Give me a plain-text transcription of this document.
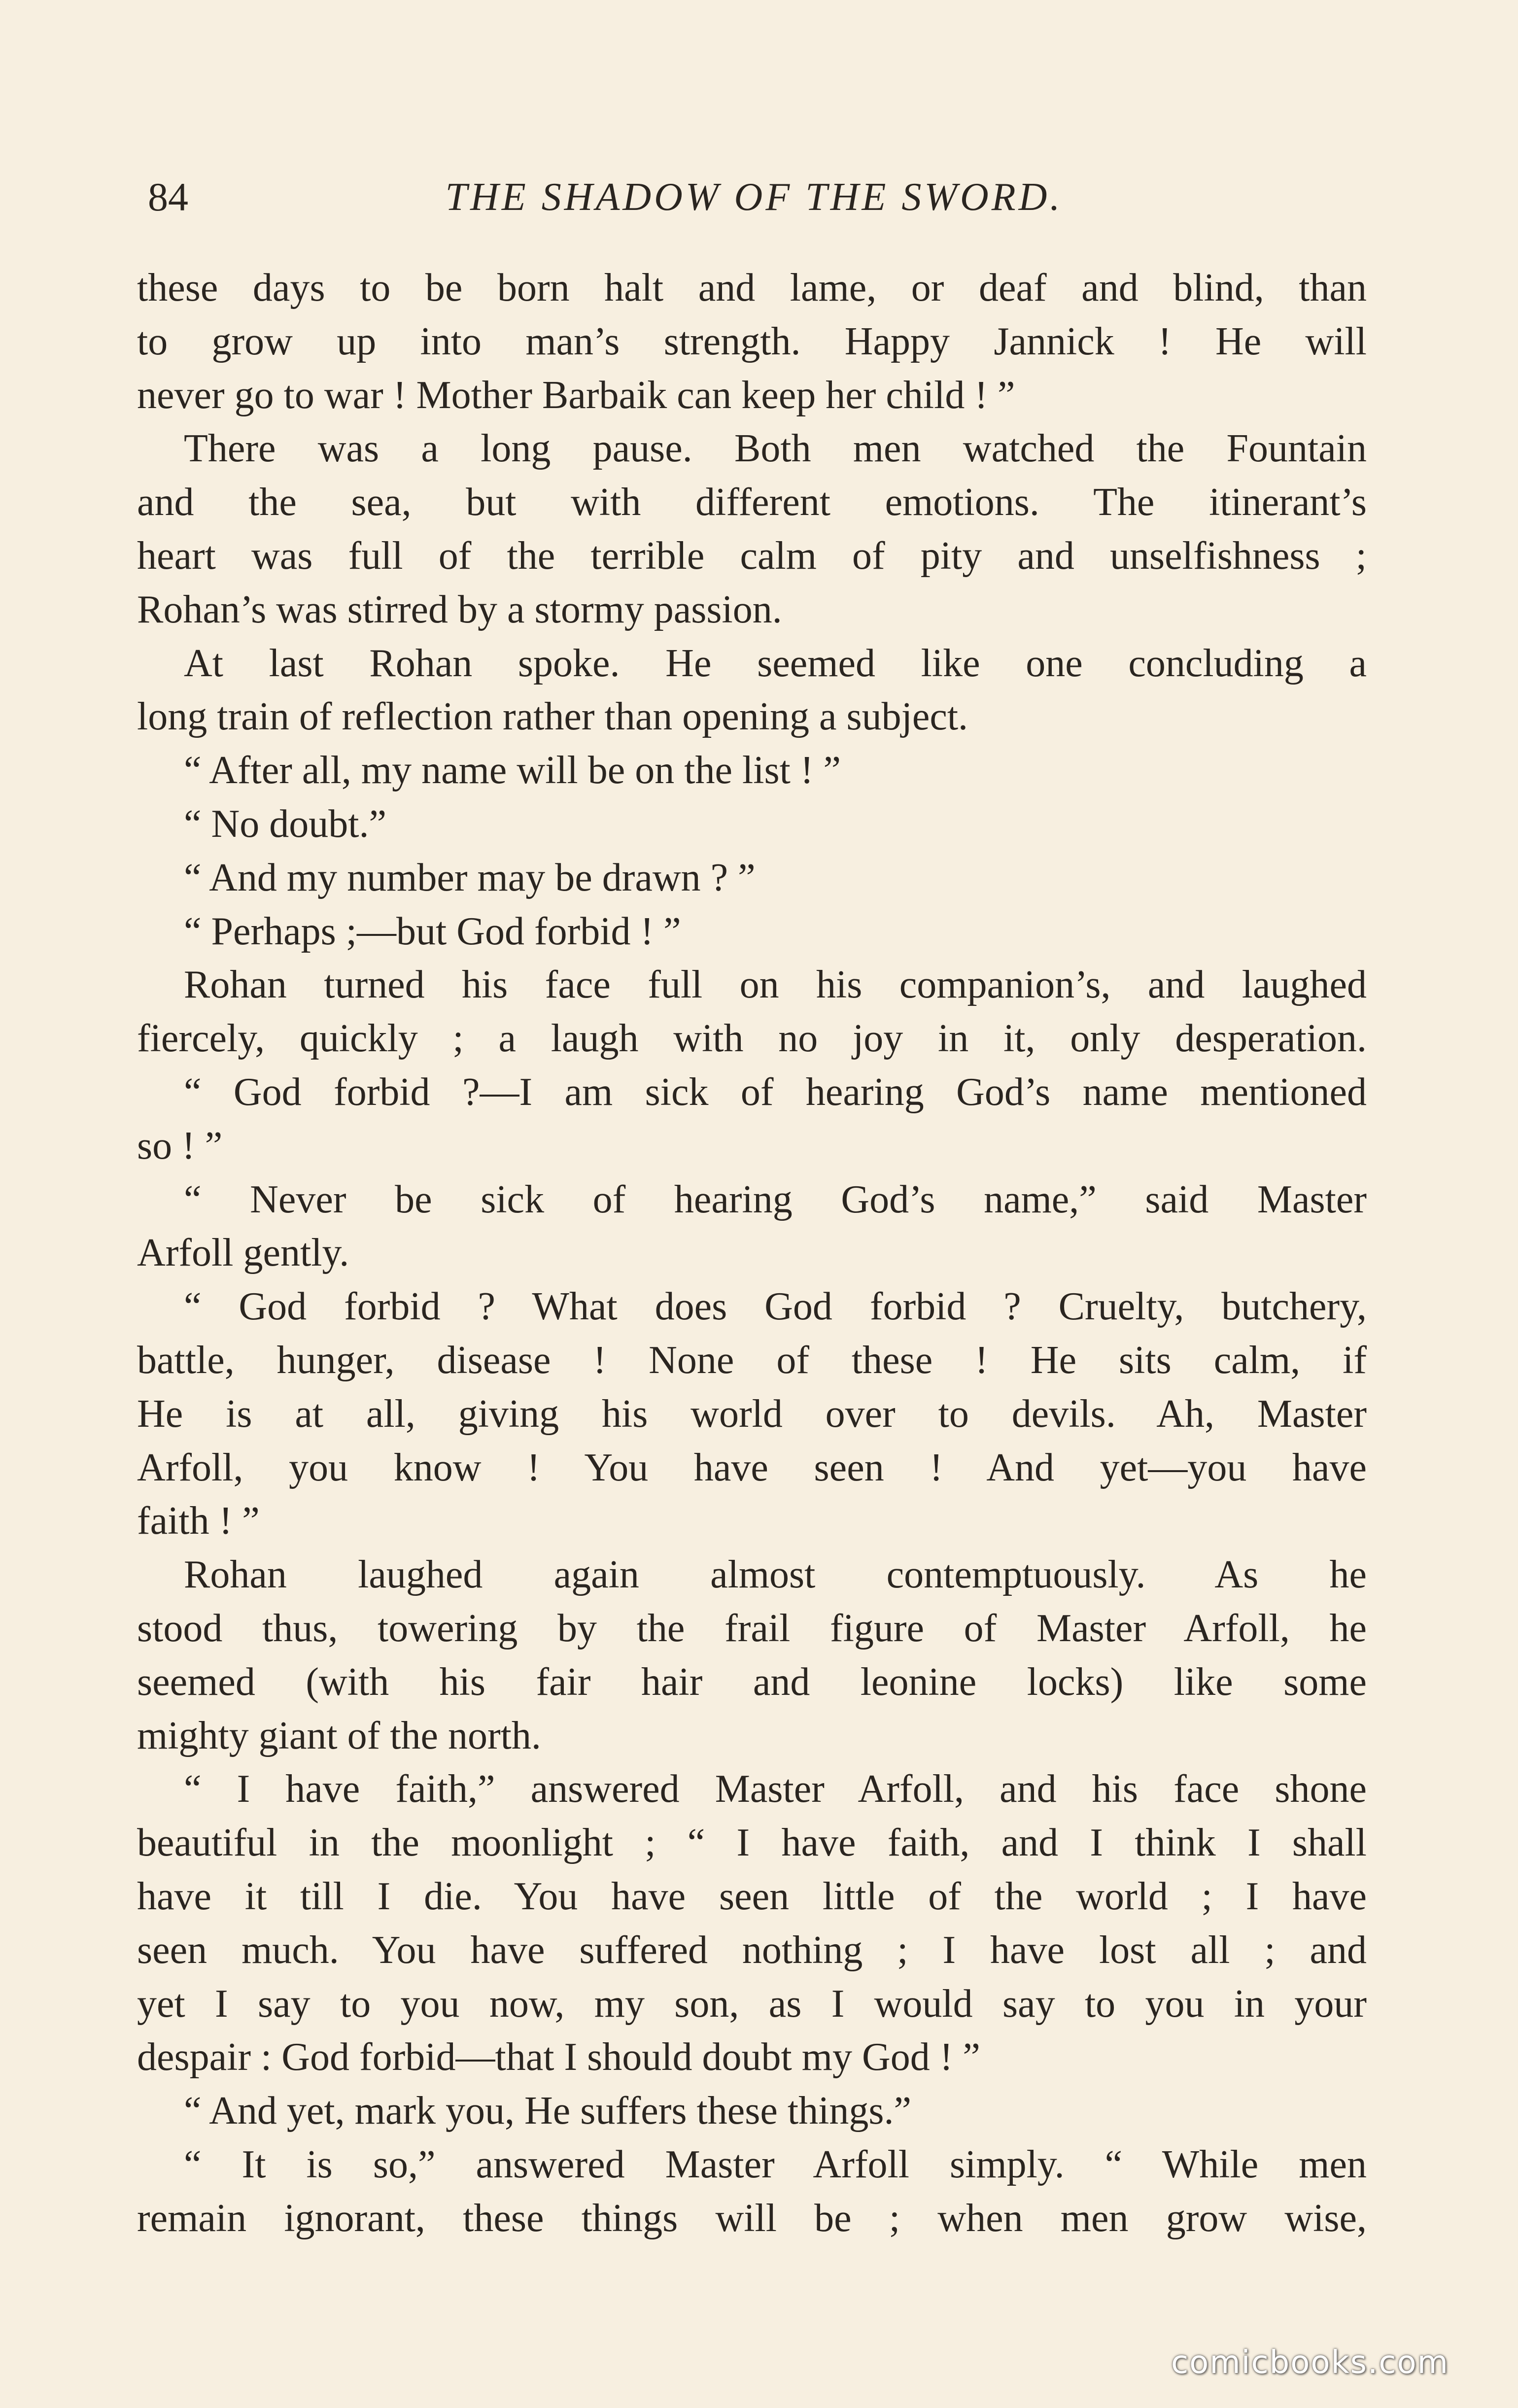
84	THE SHADOW OF THE SWORD.
these days to be born halt and lame, or deaf and blind, than
to grow up into man’s strength. Happy Jannick ! He will
never go to war ! Mother Barbaik can keep her child ! ”
There was a long pause. Both men watched the Fountain
and the sea, but with different emotions. The itinerant’s
heart was full of the terrible calm of pity and unselfishness ;
Rohan’s was stirred by a stormy passion.
At last Rohan spoke. He seemed like one concluding a
long train of reflection rather than opening a subject.
“ After all, my name will be on the list ! ”
“ No doubt.”
“ And my number may be drawn ? ”
“ Perhaps ;—but God forbid ! ”
Rohan turned his face full on his companion’s, and laughed
fiercely, quickly ; a laugh with no joy in it, only desperation.
“ God forbid ?—I am sick of hearing God’s name mentioned
so ! ”
“ Never be sick of hearing God’s name,” said Master
Arfoll gently.
“ God forbid ? What does God forbid ? Cruelty, butchery,
battle, hunger, disease ! None of these ! He sits calm, if
He is at all, giving his world over to devils. Ah, Master
Arfoll, you know ! You have seen ! And yet—you have
faith ! ”
Rohan laughed again almost contemptuously. As he
stood thus, towering by the frail figure of Master Arfoll, he
seemed (with his fair hair and leonine locks) like some
mighty giant of the north.
“ I have faith,” answered Master Arfoll, and his face shone
beautiful in the moonlight ; “ I have faith, and I think I shall
have it till I die. You have seen little of the world ; I have
seen much. You have suffered nothing ; I have lost all ; and
yet I say to you now, my son, as I would say to you in your
despair : God forbid—that I should doubt my God ! ”
“ And yet, mark you, He suffers these things.”
“ It is so,” answered Master Arfoll simply. “ While men
remain ignorant, these things will be ; when men grow wise,
comicbooks.com
